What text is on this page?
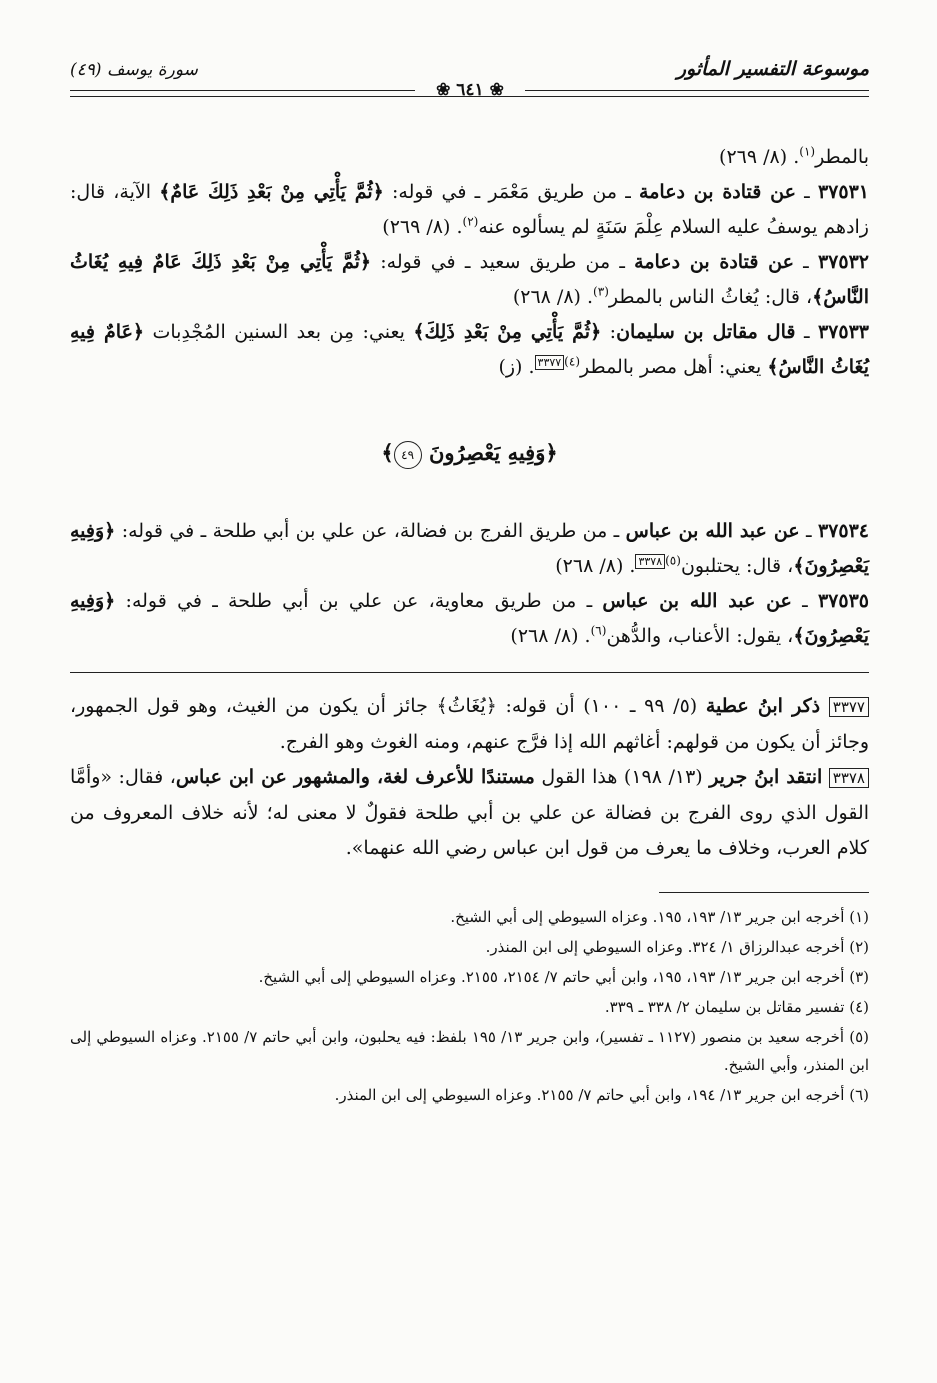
موسوعة التفسير المأثور
سورة يوسف (٤٩)
❀ ٦٤١ ❀

بالمطر$^{(١)}$. (٨/ ٢٦٩)

٣٧٥٣١ ـ عن قتادة بن دعامة ـ من طريق مَعْمَر ـ في قوله: ﴿ثُمَّ يَأْتِي مِنْ بَعْدِ ذَلِكَ عَامٌ﴾ الآية، قال: زادهم يوسفُ عليه السلام عِلْمَ سَنَةٍ لم يسألوه عنه$^{(٢)}$. (٨/ ٢٦٩)

٣٧٥٣٢ ـ عن قتادة بن دعامة ـ من طريق سعيد ـ في قوله: ﴿ثُمَّ يَأْتِي مِنْ بَعْدِ ذَلِكَ عَامٌ فِيهِ يُغَاثُ النَّاسُ﴾، قال: يُغاثُ الناس بالمطر$^{(٣)}$. (٨/ ٢٦٨)

٣٧٥٣٣ ـ قال مقاتل بن سليمان: ﴿ثُمَّ يَأْتِي مِنْ بَعْدِ ذَلِكَ﴾ يعني: مِن بعد السنين المُجْدِبات ﴿عَامٌ فِيهِ يُغَاثُ النَّاسُ﴾ يعني: أهل مصر بالمطر$^{(٤)٣٣٧٧}$. (ز)

﴿وَفِيهِ يَعْصِرُونَ ٤٩﴾

٣٧٥٣٤ ـ عن عبد الله بن عباس ـ من طريق الفرج بن فضالة، عن علي بن أبي طلحة ـ في قوله: ﴿وَفِيهِ يَعْصِرُونَ﴾، قال: يحتلبون$^{(٥)٣٣٧٨}$. (٨/ ٢٦٨)

٣٧٥٣٥ ـ عن عبد الله بن عباس ـ من طريق معاوية، عن علي بن أبي طلحة ـ في قوله: ﴿وَفِيهِ يَعْصِرُونَ﴾، يقول: الأعناب، والدُّهن$^{(٦)}$. (٨/ ٢٦٨)

٣٣٧٧ ذكر ابنُ عطية (٥/ ٩٩ ـ ١٠٠) أن قوله: ﴿يُغَاثُ﴾ جائز أن يكون من الغيث، وهو قول الجمهور، وجائز أن يكون من قولهم: أغاثهم الله إذا فرَّج عنهم، ومنه الغوث وهو الفرج.

٣٣٧٨ انتقد ابنُ جرير (١٣/ ١٩٨) هذا القول مستندًا للأعرف لغة، والمشهور عن ابن عباس، فقال: «وأمَّا القول الذي روى الفرج بن فضالة عن علي بن أبي طلحة فقولٌ لا معنى له؛ لأنه خلاف المعروف من كلام العرب، وخلاف ما يعرف من قول ابن عباس رضي الله عنهما».

(١) أخرجه ابن جرير ١٣/ ١٩٣، ١٩٥. وعزاه السيوطي إلى أبي الشيخ.

(٢) أخرجه عبدالرزاق ١/ ٣٢٤. وعزاه السيوطي إلى ابن المنذر.

(٣) أخرجه ابن جرير ١٣/ ١٩٣، ١٩٥، وابن أبي حاتم ٧/ ٢١٥٤، ٢١٥٥. وعزاه السيوطي إلى أبي الشيخ.

(٤) تفسير مقاتل بن سليمان ٢/ ٣٣٨ ـ ٣٣٩.

(٥) أخرجه سعيد بن منصور (١١٢٧ ـ تفسير)، وابن جرير ١٣/ ١٩٥ بلفظ: فيه يحلبون، وابن أبي حاتم ٧/ ٢١٥٥. وعزاه السيوطي إلى ابن المنذر، وأبي الشيخ.

(٦) أخرجه ابن جرير ١٣/ ١٩٤، وابن أبي حاتم ٧/ ٢١٥٥. وعزاه السيوطي إلى ابن المنذر.
